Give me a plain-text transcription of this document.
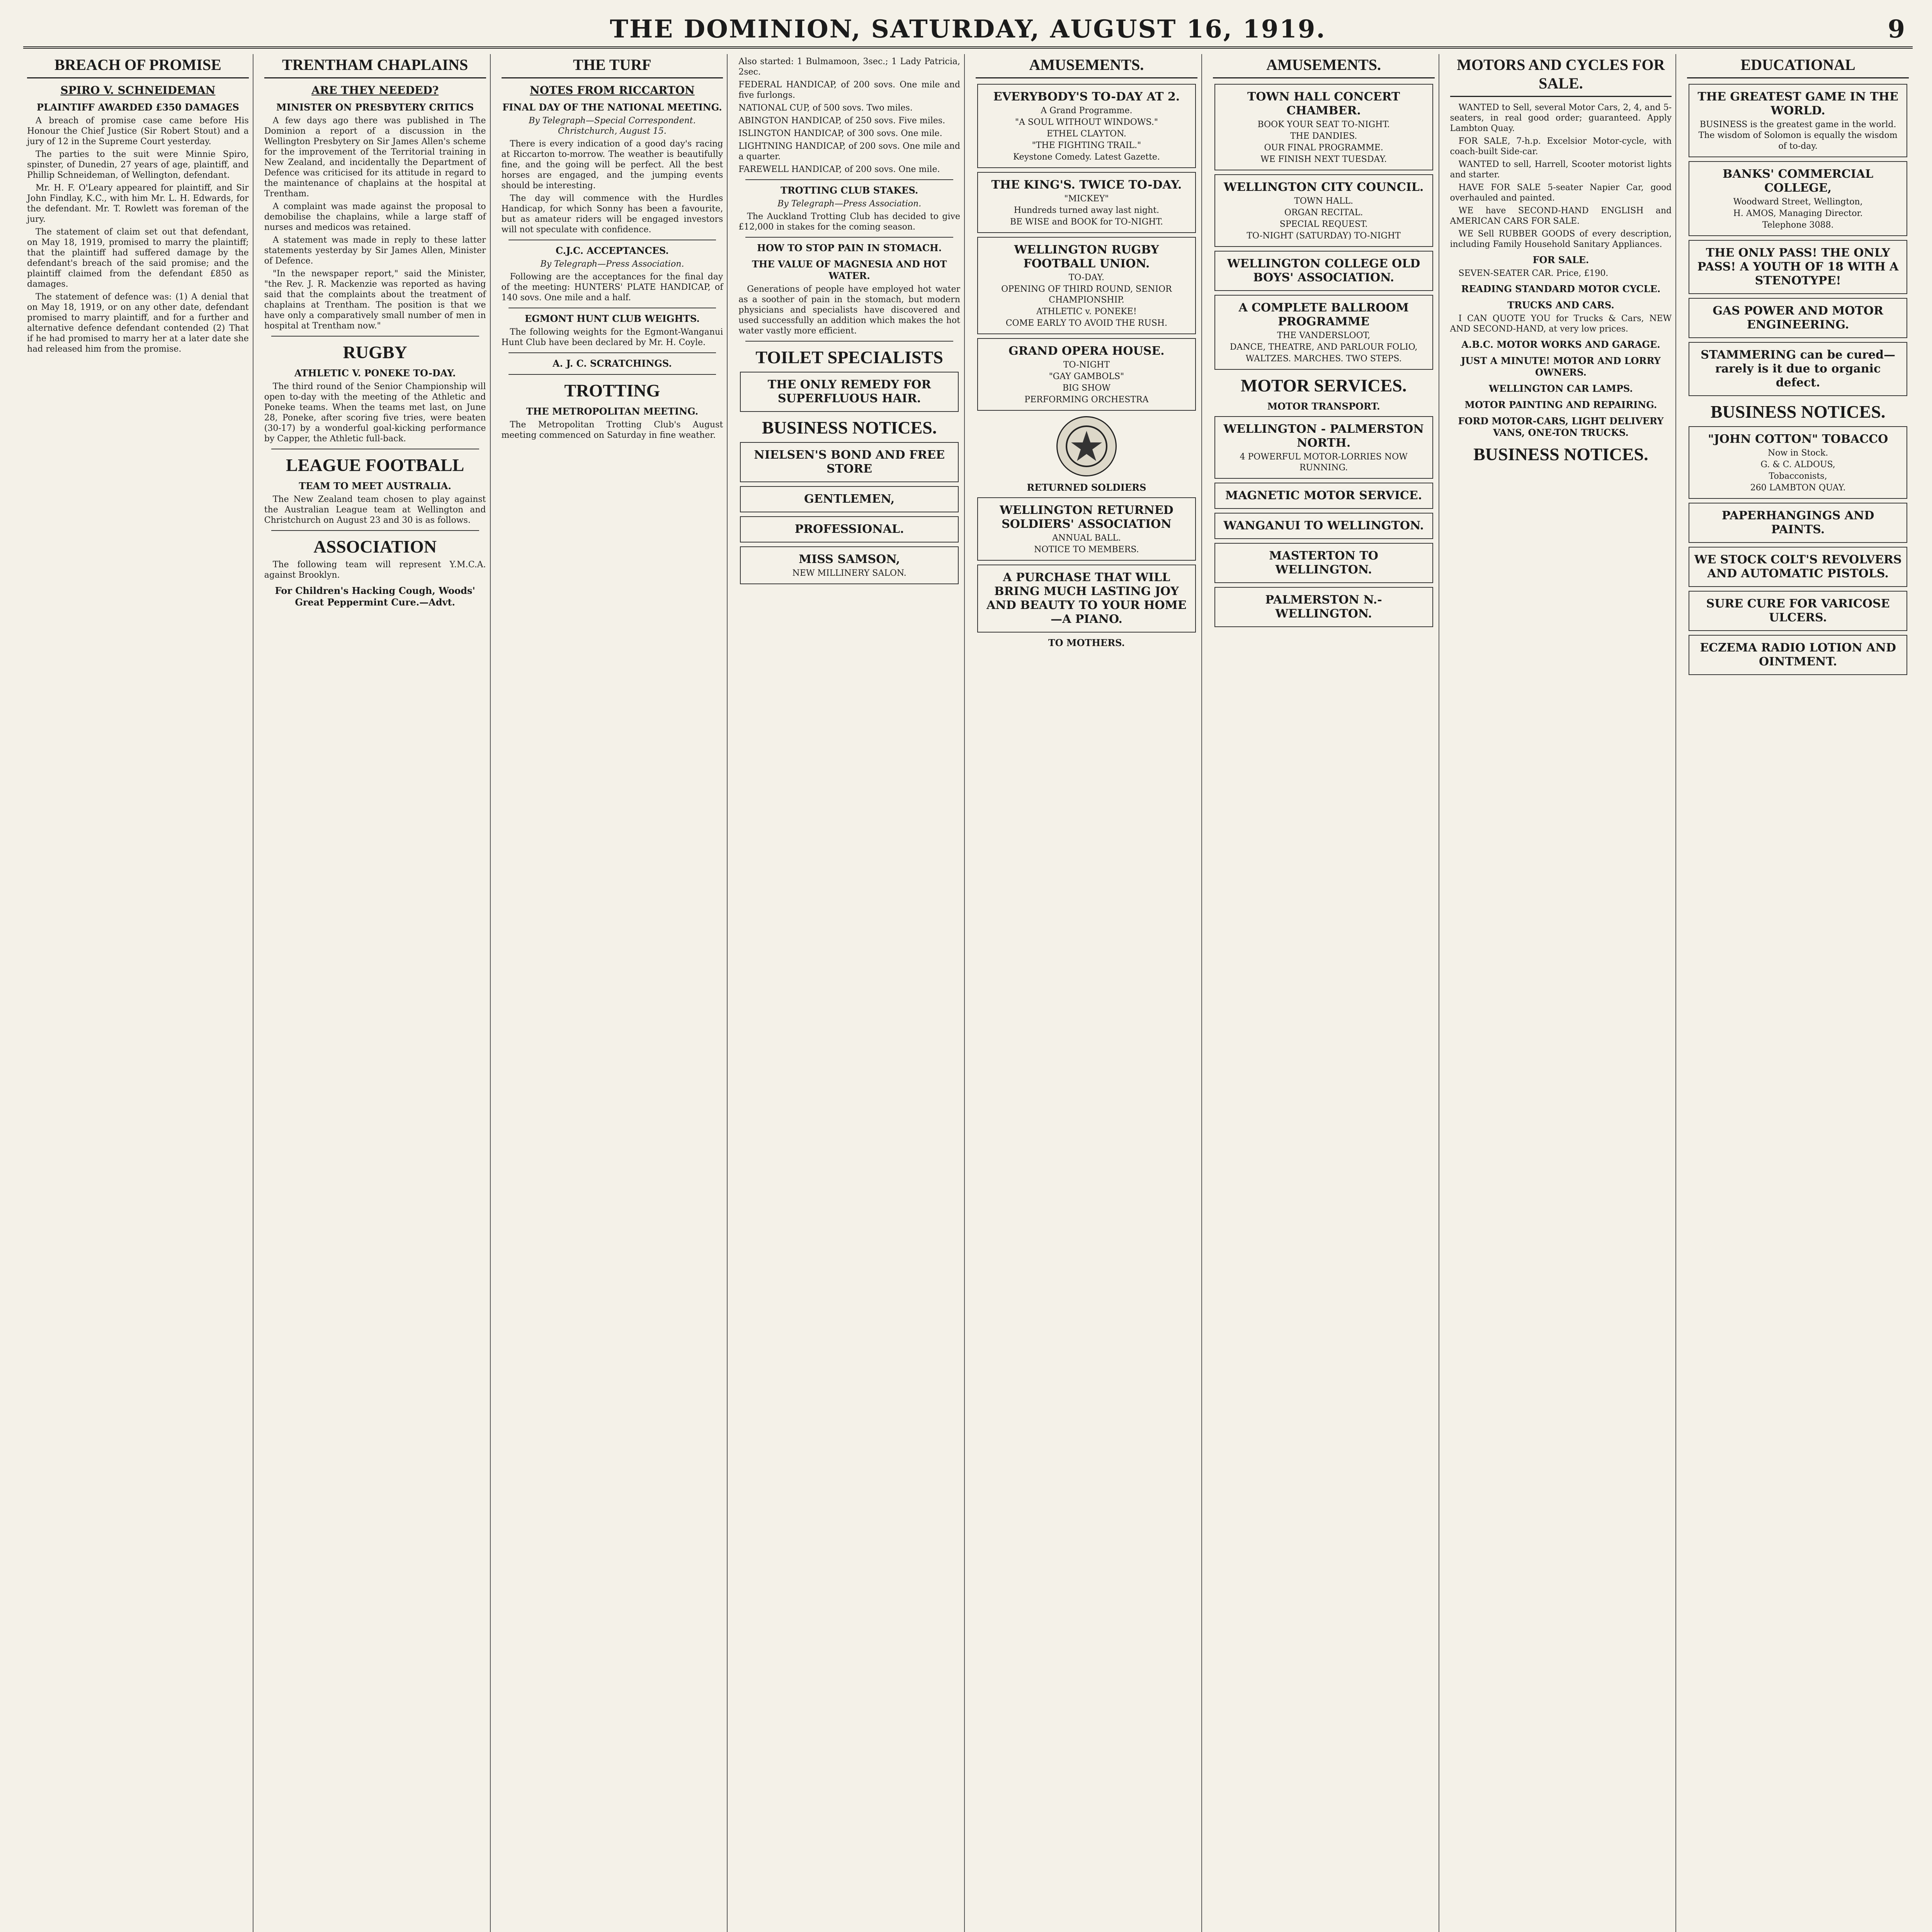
THE DOMINION, SATURDAY, AUGUST 16, 1919.	9
BREACH OF PROMISE
SPIRO V. SCHNEIDEMAN
PLAINTIFF AWARDED £350 DAMAGES

A breach of promise case came before His Honour the Chief Justice (Sir Robert Stout) and a jury of 12 in the Supreme Court yesterday.

The parties to the suit were Minnie Spiro, spinster, of Dunedin, 27 years of age, plaintiff, and Phillip Schneideman, of Wellington, defendant.

Mr. H. F. O'Leary appeared for plaintiff, and Sir John Findlay, K.C., with him Mr. L. H. Edwards, for the defendant. Mr. T. Rowlett was foreman of the jury.

The statement of claim set out that defendant, on May 18, 1919, promised to marry the plaintiff; that the plaintiff had suffered damage by the defendant's breach of the said promise; and the plaintiff claimed from the defendant £850 as damages.

The statement of defence was: (1) A denial that on May 18, 1919, or on any other date, defendant promised to marry plaintiff, and for a further and alternative defence defendant contended (2) That if he had promised to marry her at a later date she had released him from the promise.

TRENTHAM CHAPLAINS
ARE THEY NEEDED?
MINISTER ON PRESBYTERY CRITICS

A few days ago there was published in The Dominion a report of a discussion in the Wellington Presbytery on Sir James Allen's scheme for the improvement of the Territorial training in New Zealand, and incidentally the Department of Defence was criticised for its attitude in regard to the maintenance of chaplains at the hospital at Trentham.

A complaint was made against the proposal to demobilise the chaplains, while a large staff of nurses and medicos was retained.

A statement was made in reply to these latter statements yesterday by Sir James Allen, Minister of Defence.

"In the newspaper report," said the Minister, "the Rev. J. R. Mackenzie was reported as having said that the complaints about the treatment of chaplains at Trentham. The position is that we have only a comparatively small number of men in hospital at Trentham now."

RUGBY
ATHLETIC V. PONEKE TO-DAY.

The third round of the Senior Championship will open to-day with the meeting of the Athletic and Poneke teams. When the teams met last, on June 28, Poneke, after scoring five tries, were beaten (30-17) by a wonderful goal-kicking performance by Capper, the Athletic full-back.

LEAGUE FOOTBALL
TEAM TO MEET AUSTRALIA.

The New Zealand team chosen to play against the Australian League team at Wellington and Christchurch on August 23 and 30 is as follows.

ASSOCIATION

The following team will represent Y.M.C.A. against Brooklyn.

For Children's Hacking Cough, Woods' Great Peppermint Cure.—Advt.
THE TURF
NOTES FROM RICCARTON
FINAL DAY OF THE NATIONAL MEETING.
By Telegraph—Special Correspondent. Christchurch, August 15.

There is every indication of a good day's racing at Riccarton to-morrow. The weather is beautifully fine, and the going will be perfect. All the best horses are engaged, and the jumping events should be interesting.

The day will commence with the Hurdles Handicap, for which Sonny has been a favourite, but as amateur riders will be engaged investors will not speculate with confidence.

C.J.C. ACCEPTANCES.
By Telegraph—Press Association.

Following are the acceptances for the final day of the meeting: HUNTERS' PLATE HANDICAP, of 140 sovs. One mile and a half.

EGMONT HUNT CLUB WEIGHTS.

The following weights for the Egmont-Wanganui Hunt Club have been declared by Mr. H. Coyle.

A. J. C. SCRATCHINGS.
TROTTING
THE METROPOLITAN MEETING.

The Metropolitan Trotting Club's August meeting commenced on Saturday in fine weather.

Also started: 1 Bulmamoon, 3sec.; 1 Lady Patricia, 2sec.
FEDERAL HANDICAP, of 200 sovs. One mile and five furlongs.
NATIONAL CUP, of 500 sovs. Two miles.
ABINGTON HANDICAP, of 250 sovs. Five miles.
ISLINGTON HANDICAP, of 300 sovs. One mile.
LIGHTNING HANDICAP, of 200 sovs. One mile and a quarter.
FAREWELL HANDICAP, of 200 sovs. One mile.
TROTTING CLUB STAKES.
By Telegraph—Press Association.

The Auckland Trotting Club has decided to give £12,000 in stakes for the coming season.

HOW TO STOP PAIN IN STOMACH.
THE VALUE OF MAGNESIA AND HOT WATER.

Generations of people have employed hot water as a soother of pain in the stomach, but modern physicians and specialists have discovered and used successfully an addition which makes the hot water vastly more efficient.

TOILET SPECIALISTS
THE ONLY REMEDY FOR SUPERFLUOUS HAIR.
BUSINESS NOTICES.
NIELSEN'S BOND AND FREE STORE
GENTLEMEN,
PROFESSIONAL.
MISS SAMSON,
NEW MILLINERY SALON.
AMUSEMENTS.
EVERYBODY'S TO-DAY AT 2.
A Grand Programme.
"A SOUL WITHOUT WINDOWS."
ETHEL CLAYTON.
"THE FIGHTING TRAIL."
Keystone Comedy. Latest Gazette.
THE KING'S. TWICE TO-DAY.
"MICKEY"
Hundreds turned away last night.
BE WISE and BOOK for TO-NIGHT.
WELLINGTON RUGBY FOOTBALL UNION.
TO-DAY.
OPENING OF THIRD ROUND, SENIOR CHAMPIONSHIP.
ATHLETIC v. PONEKE!
COME EARLY TO AVOID THE RUSH.
GRAND OPERA HOUSE.
TO-NIGHT
"GAY GAMBOLS"
BIG SHOW
PERFORMING ORCHESTRA
RETURNED SOLDIERS
WELLINGTON RETURNED SOLDIERS' ASSOCIATION
ANNUAL BALL.
NOTICE TO MEMBERS.
A PURCHASE THAT WILL BRING MUCH LASTING JOY AND BEAUTY TO YOUR HOME—A PIANO.
TO MOTHERS.
AMUSEMENTS.
TOWN HALL CONCERT CHAMBER.
BOOK YOUR SEAT TO-NIGHT.
THE DANDIES.
OUR FINAL PROGRAMME.
WE FINISH NEXT TUESDAY.
WELLINGTON CITY COUNCIL.
TOWN HALL.
ORGAN RECITAL.
SPECIAL REQUEST.
TO-NIGHT (SATURDAY) TO-NIGHT
WELLINGTON COLLEGE OLD BOYS' ASSOCIATION.
A COMPLETE BALLROOM PROGRAMME
THE VANDERSLOOT,
DANCE, THEATRE, AND PARLOUR FOLIO,
WALTZES. MARCHES. TWO STEPS.
MOTOR SERVICES.
MOTOR TRANSPORT.
WELLINGTON - PALMERSTON NORTH.
4 POWERFUL MOTOR-LORRIES NOW RUNNING.
MAGNETIC MOTOR SERVICE.
WANGANUI TO WELLINGTON.
MASTERTON TO WELLINGTON.
PALMERSTON N.-WELLINGTON.
MOTORS AND CYCLES FOR SALE.

WANTED to Sell, several Motor Cars, 2, 4, and 5-seaters, in real good order; guaranteed. Apply Lambton Quay.

FOR SALE, 7-h.p. Excelsior Motor-cycle, with coach-built Side-car.

WANTED to sell, Harrell, Scooter motorist lights and starter.

HAVE FOR SALE 5-seater Napier Car, good overhauled and painted.

WE have SECOND-HAND ENGLISH and AMERICAN CARS FOR SALE.

WE Sell RUBBER GOODS of every description, including Family Household Sanitary Appliances.

FOR SALE.

SEVEN-SEATER CAR. Price, £190.

READING STANDARD MOTOR CYCLE.
TRUCKS AND CARS.

I CAN QUOTE YOU for Trucks & Cars, NEW AND SECOND-HAND, at very low prices.

A.B.C. MOTOR WORKS AND GARAGE.
JUST A MINUTE! MOTOR AND LORRY OWNERS.
WELLINGTON CAR LAMPS.
MOTOR PAINTING AND REPAIRING.
FORD MOTOR-CARS, LIGHT DELIVERY VANS, ONE-TON TRUCKS.
BUSINESS NOTICES.
EDUCATIONAL
THE GREATEST GAME IN THE WORLD.
BUSINESS is the greatest game in the world. The wisdom of Solomon is equally the wisdom of to-day.
BANKS' COMMERCIAL COLLEGE,
Woodward Street, Wellington,
H. AMOS, Managing Director.
Telephone 3088.
THE ONLY PASS! THE ONLY PASS! A YOUTH OF 18 WITH A STENOTYPE!
GAS POWER AND MOTOR ENGINEERING.
STAMMERING can be cured—rarely is it due to organic defect.
BUSINESS NOTICES.
"JOHN COTTON" TOBACCO
Now in Stock.
G. & C. ALDOUS,
Tobacconists,
260 LAMBTON QUAY.
PAPERHANGINGS AND PAINTS.
WE STOCK COLT'S REVOLVERS AND AUTOMATIC PISTOLS.
SURE CURE FOR VARICOSE ULCERS.
ECZEMA RADIO LOTION AND OINTMENT.
